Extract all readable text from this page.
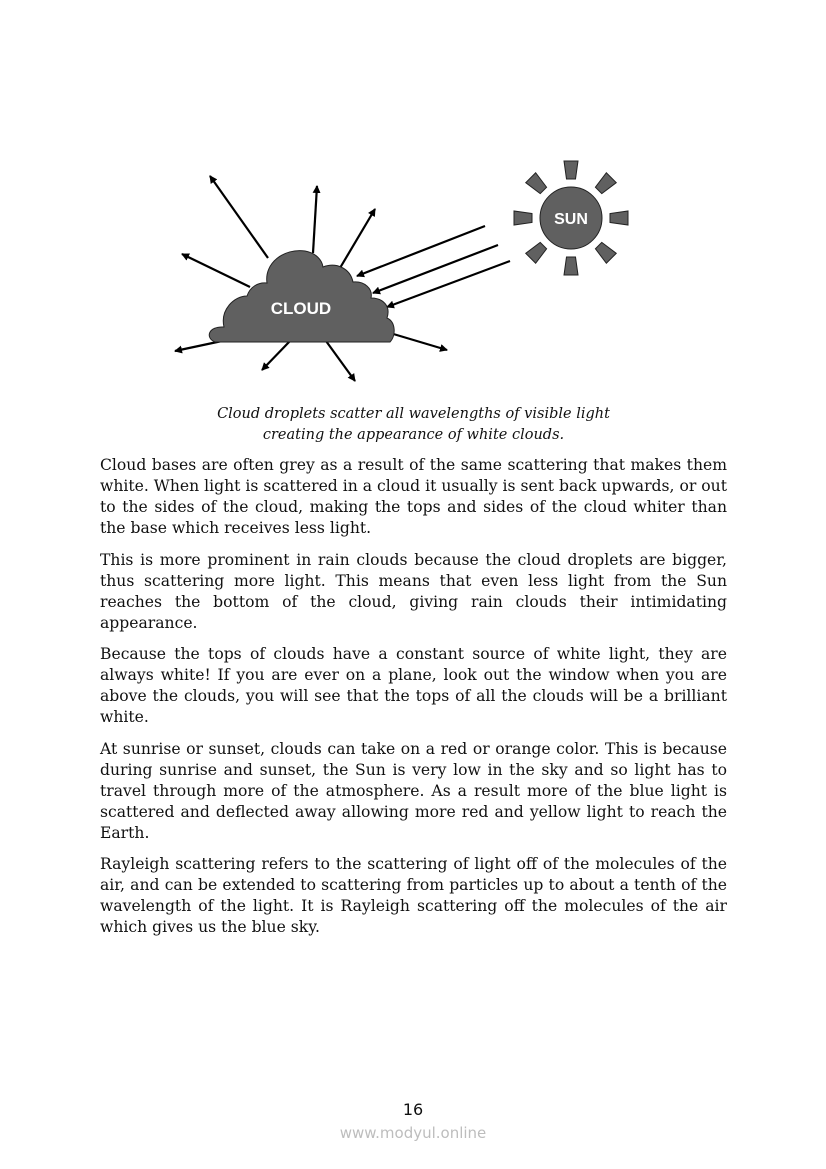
CLOUD
SUN
Cloud droplets scatter all wavelengths of visible light
creating the appearance of white clouds.

Cloud bases are often grey as a result of the same scattering that makes them white. When light is scattered in a cloud it usually is sent back upwards, or out to the sides of the cloud, making the tops and sides of the cloud whiter than the base which receives less light.

This is more prominent in rain clouds because the cloud droplets are bigger, thus scattering more light. This means that even less light from the Sun reaches the bottom of the cloud, giving rain clouds their intimidating appearance.

Because the tops of clouds have a constant source of white light, they are always white! If you are ever on a plane, look out the window when you are above the clouds, you will see that the tops of all the clouds will be a brilliant white.

At sunrise or sunset, clouds can take on a red or orange color. This is because during sunrise and sunset, the Sun is very low in the sky and so light has to travel through more of the atmosphere. As a result more of the blue light is scattered and deflected away allowing more red and yellow light to reach the Earth.

Rayleigh scattering refers to the scattering of light off of the molecules of the air, and can be extended to scattering from particles up to about a tenth of the wavelength of the light. It is Rayleigh scattering off the molecules of the air which gives us the blue sky.

16
www.modyul.online
